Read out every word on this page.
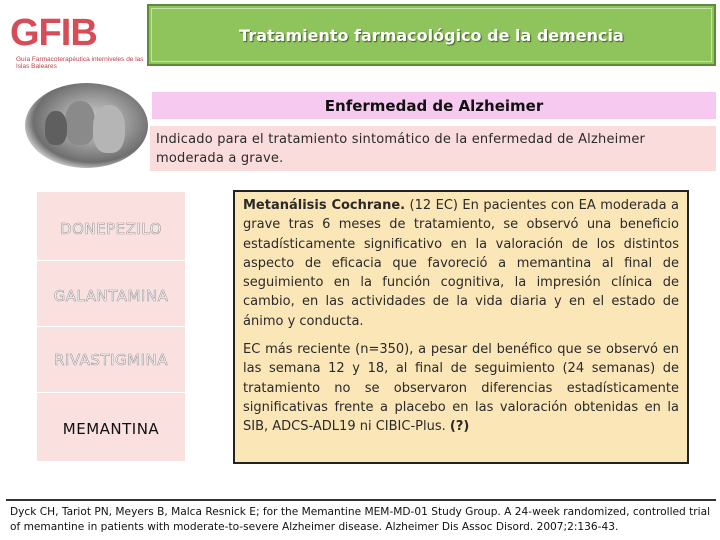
GFIB
Guía Farmacoterapéutica interniveles de las Islas Baleares
Tratamiento farmacológico de la demencia
Enfermedad de Alzheimer
Indicado para el tratamiento sintomático de la enfermedad de Alzheimer moderada a grave.
DONEPEZILO
GALANTAMINA
RIVASTIGMINA
MEMANTINA

Metanálisis Cochrane. (12 EC) En pacientes con EA moderada a grave tras 6 meses de tratamiento, se observó una beneficio estadísticamente significativo en la valoración de los distintos aspecto de eficacia que favoreció a memantina al final de seguimiento en la función cognitiva, la impresión clínica de cambio, en las actividades de la vida diaria y en el estado de ánimo y conducta.

EC más reciente (n=350), a pesar del benéfico que se observó en las semana 12 y 18, al final de seguimiento (24 semanas) de tratamiento no se observaron diferencias estadísticamente significativas frente a placebo en las valoración obtenidas en la SIB, ADCS-ADL19 ni CIBIC-Plus. (?)

Dyck CH, Tariot PN, Meyers B, Malca Resnick E; for the Memantine MEM-MD-01 Study Group. A 24-week randomized, controlled trial of memantine in patients with moderate-to-severe Alzheimer disease. Alzheimer Dis Assoc Disord. 2007;2:136-43.
